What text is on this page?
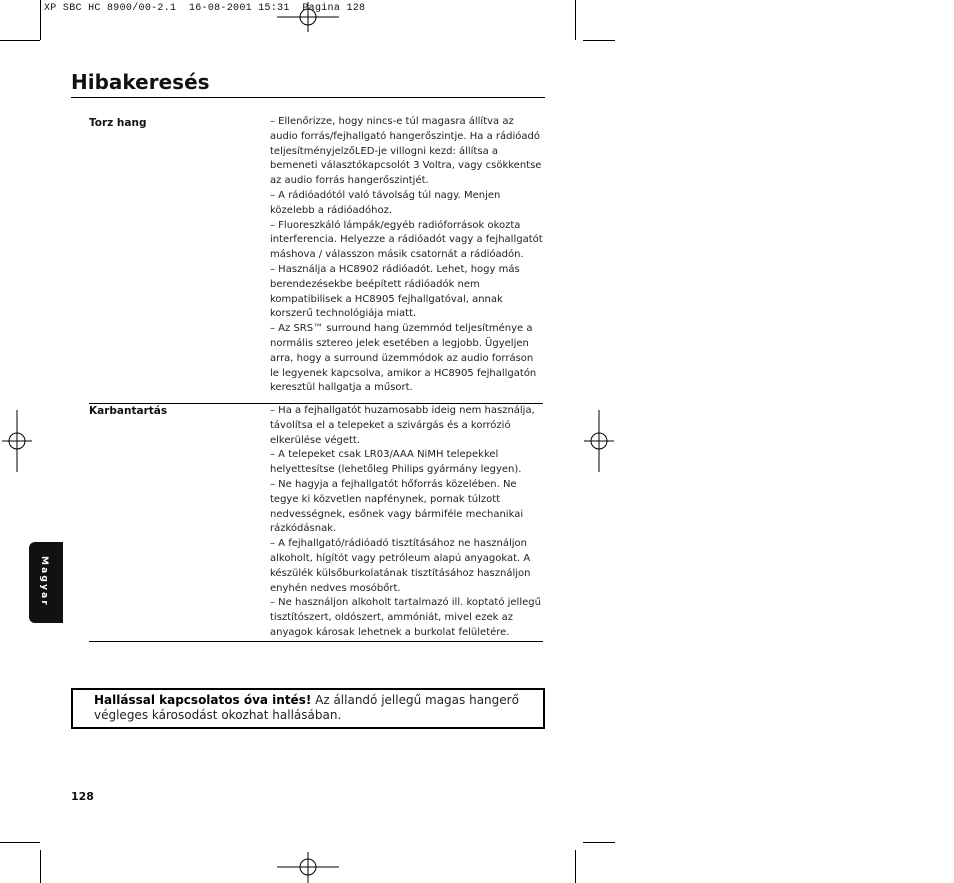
XP SBC HC 8900/00-2.1  16-08-2001 15:31  Pagina 128
Hibakeresés
Torz hang	– Ellenőrizze, hogy nincs-e túl magasra állítva az audio forrás/fejhallgató hangerőszintje. Ha a rádióadó teljesítményjelzőLED-je villogni kezd: állítsa a bemeneti választókapcsolót 3 Voltra, vagy csökkentse az audio forrás hangerőszintjét.

– A rádióadótól való távolság túl nagy. Menjen közelebb a rádióadóhoz.

– Fluoreszkáló lámpák/egyéb radióforrások okozta interferencia. Helyezze a rádióadót vagy a fejhallgatót máshova / válasszon másik csatornát a rádióadón.

– Használja a HC8902 rádióadót. Lehet, hogy más berendezésekbe beépített rádióadók nem kompatibilisek a HC8905 fejhallgatóval, annak korszerű technológiája miatt.

– Az SRS™ surround hang üzemmód teljesítménye a normális sztereo jelek esetében a legjobb. Ügyeljen arra, hogy a surround üzemmódok az audio forráson le legyenek kapcsolva, amikor a HC8905 fejhallgatón keresztül hallgatja a műsort.

Karbantartás	– Ha a fejhallgatót huzamosabb ideig nem használja, távolítsa el a telepeket a szivárgás és a korrózió elkerülése végett.

– A telepeket csak LR03/AAA NiMH telepekkel helyettesítse (lehetőleg Philips gyármány legyen).

– Ne hagyja a fejhallgatót hőforrás közelében. Ne tegye ki közvetlen napfénynek, pornak túlzott nedvességnek, esőnek vagy bármiféle mechanikai rázkódásnak.

– A fejhallgató/rádióadó tisztításához ne használjon alkoholt, hígítót vagy petróleum alapú anyagokat. A készülék külsőburkolatának tisztításához használjon enyhén nedves mosóbőrt.

– Ne használjon alkoholt tartalmazó ill. koptató jellegű tisztítószert, oldószert, ammóniát, mivel ezek az anyagok károsak lehetnek a burkolat felületére.

Magyar
Hallással kapcsolatos óva intés! Az állandó jellegű magas hangerő végleges károsodást okozhat hallásában.
128
